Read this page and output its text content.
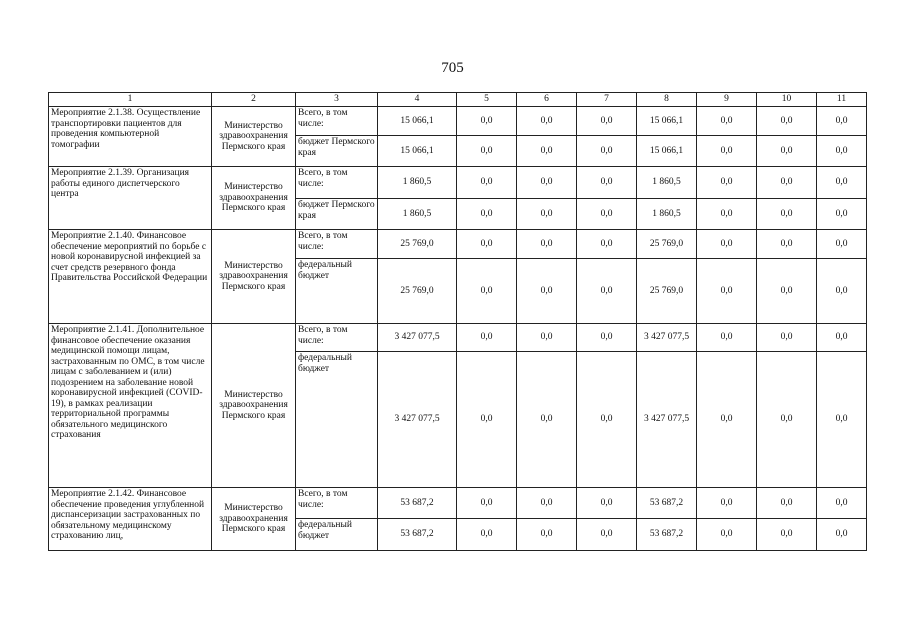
705
1	2	3	4	5	6	7	8	9	10	11
Мероприятие 2.1.38. Осуществление транспортировки пациентов для проведения компьютерной томографии	Министерство здравоохранения Пермского края	Всего, в том числе:	15 066,1	0,0	0,0	0,0	15 066,1	0,0	0,0	0,0
		бюджет Пермского края	15 066,1	0,0	0,0	0,0	15 066,1	0,0	0,0	0,0
Мероприятие 2.1.39. Организация работы единого диспетчерского центра	Министерство здравоохранения Пермского края	Всего, в том числе:	1 860,5	0,0	0,0	0,0	1 860,5	0,0	0,0	0,0
		бюджет Пермского края	1 860,5	0,0	0,0	0,0	1 860,5	0,0	0,0	0,0
Мероприятие 2.1.40. Финансовое обеспечение мероприятий по борьбе с новой коронавирусной инфекцией за счет средств резервного фонда Правительства Российской Федерации	Министерство здравоохранения Пермского края	Всего, в том числе:	25 769,0	0,0	0,0	0,0	25 769,0	0,0	0,0	0,0
		федеральный бюджет	25 769,0	0,0	0,0	0,0	25 769,0	0,0	0,0	0,0
Мероприятие 2.1.41. Дополнительное финансовое обеспечение оказания медицинской помощи лицам, застрахованным по ОМС, в том числе лицам с заболеванием и (или) подозрением на заболевание новой коронавирусной инфекцией (COVID-19), в рамках реализации территориальной программы обязательного медицинского страхования	Министерство здравоохранения Пермского края	Всего, в том числе:	3 427 077,5	0,0	0,0	0,0	3 427 077,5	0,0	0,0	0,0
		федеральный бюджет	3 427 077,5	0,0	0,0	0,0	3 427 077,5	0,0	0,0	0,0
Мероприятие 2.1.42. Финансовое обеспечение проведения углубленной диспансеризации застрахованных по обязательному медицинскому страхованию лиц,	Министерство здравоохранения Пермского края	Всего, в том числе:	53 687,2	0,0	0,0	0,0	53 687,2	0,0	0,0	0,0
		федеральный бюджет	53 687,2	0,0	0,0	0,0	53 687,2	0,0	0,0	0,0
